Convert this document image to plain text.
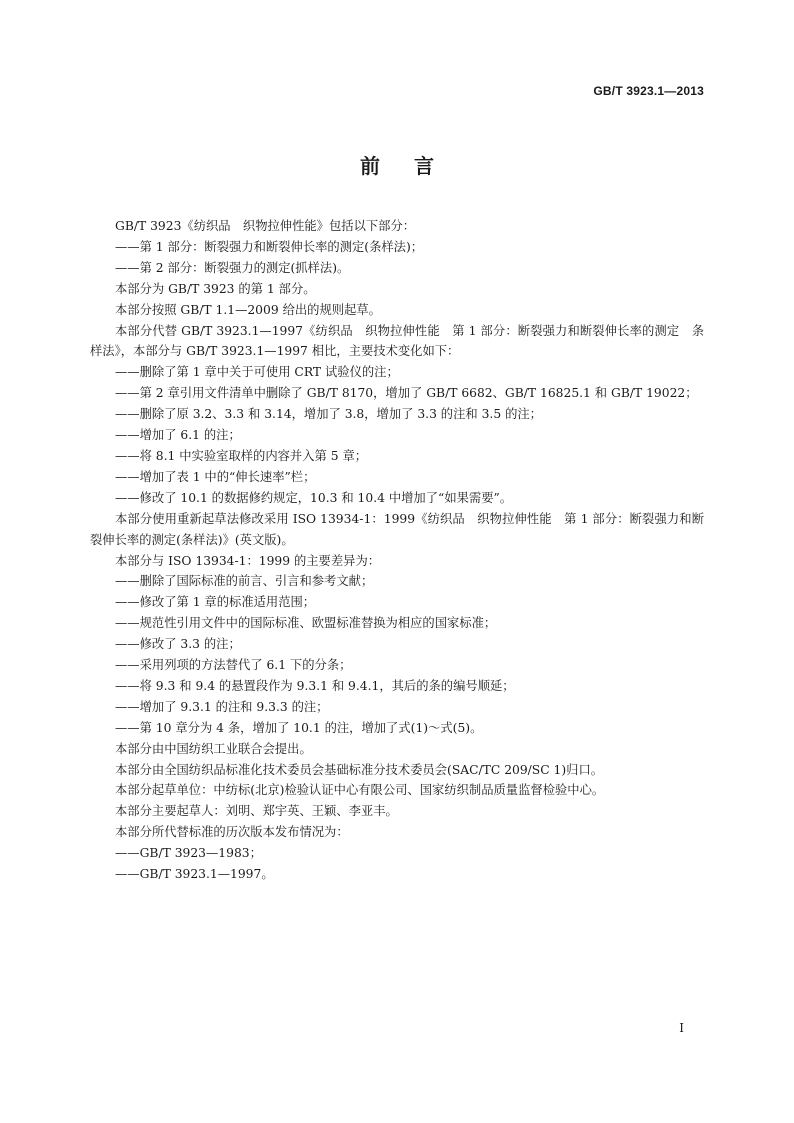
GB/T 3923.1—2013
前 言

GB/T 3923《纺织品　织物拉伸性能》包括以下部分：

——第 1 部分：断裂强力和断裂伸长率的测定(条样法)；

——第 2 部分：断裂强力的测定(抓样法)。

本部分为 GB/T 3923 的第 1 部分。

本部分按照 GB/T 1.1—2009 给出的规则起草。

本部分代替 GB/T 3923.1—1997《纺织品　织物拉伸性能　第 1 部分：断裂强力和断裂伸长率的测定　条样法》，本部分与 GB/T 3923.1—1997 相比，主要技术变化如下：

——删除了第 1 章中关于可使用 CRT 试验仪的注；

——第 2 章引用文件清单中删除了 GB/T 8170，增加了 GB/T 6682、GB/T 16825.1 和 GB/T 19022；

——删除了原 3.2、3.3 和 3.14，增加了 3.8，增加了 3.3 的注和 3.5 的注；

——增加了 6.1 的注；

——将 8.1 中实验室取样的内容并入第 5 章；

——增加了表 1 中的“伸长速率”栏；

——修改了 10.1 的数据修约规定，10.3 和 10.4 中增加了“如果需要”。

本部分使用重新起草法修改采用 ISO 13934-1：1999《纺织品　织物拉伸性能　第 1 部分：断裂强力和断裂伸长率的测定(条样法)》(英文版)。

本部分与 ISO 13934-1：1999 的主要差异为：

——删除了国际标准的前言、引言和参考文献；

——修改了第 1 章的标准适用范围；

——规范性引用文件中的国际标准、欧盟标准替换为相应的国家标准；

——修改了 3.3 的注；

——采用列项的方法替代了 6.1 下的分条；

——将 9.3 和 9.4 的悬置段作为 9.3.1 和 9.4.1，其后的条的编号顺延；

——增加了 9.3.1 的注和 9.3.3 的注；

——第 10 章分为 4 条，增加了 10.1 的注，增加了式(1)～式(5)。

本部分由中国纺织工业联合会提出。

本部分由全国纺织品标准化技术委员会基础标准分技术委员会(SAC/TC 209/SC 1)归口。

本部分起草单位：中纺标(北京)检验认证中心有限公司、国家纺织制品质量监督检验中心。

本部分主要起草人：刘明、郑宇英、王颖、李亚丰。

本部分所代替标准的历次版本发布情况为：

——GB/T 3923—1983；

——GB/T 3923.1—1997。

I
